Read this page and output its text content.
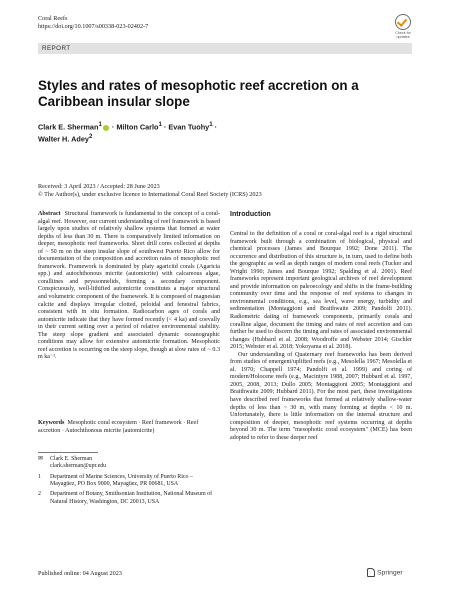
Coral Reefs
https://doi.org/10.1007/s00338-023-02402-7
Check for updates
REPORT
Styles and rates of mesophotic reef accretion on a Caribbean insular slope
Clark E. Sherman$^1$ · Milton Carlo$^1$ · Evan Tuohy$^1$ ·
Walter H. Adey$^2$
Received: 3 April 2023 / Accepted: 28 June 2023
© The Author(s), under exclusive licence to International Coral Reef Society (ICRS) 2023

Abstract Structural framework is fundamental to the concept of a coral-algal reef. However, our current understanding of reef framework is based largely upon studies of relatively shallow systems that formed at water depths of less than 30 m. There is comparatively limited information on deeper, mesophotic reef frameworks. Short drill cores collected at depths of ~ 50 m on the steep insular slope of southwest Puerto Rico allow for documentation of the composition and accretion rates of mesophotic reef framework. Framework is dominated by platy agariciid corals (Agaricia spp.) and autochthonous micrite (automicrite) with calcareous algae, coralliines and peyssonnelids, forming a secondary component. Conspicuously, well-lithified automicrite constitutes a major structural and volumetric component of the framework. It is composed of magnesian calcite and displays irregular clotted, peloidal and fenestral fabrics, consistent with in situ formation. Radiocarbon ages of corals and automicrite indicate that they have formed recently (< 4 ka) and coevally in their current setting over a period of relative environmental stability. The steep slope gradient and associated dynamic oceanographic conditions may allow for extensive automicrite formation. Mesophotic reef accretion is occurring on the steep slope, though at slow rates of ~ 0.3 m ka⁻¹.

Keywords Mesophotic coral ecosystem · Reef framework · Reef accretion · Autochthonous micrite (automicrite)

✉	Clark E. Sherman
clark.sherman@upr.edu
1	Department of Marine Sciences, University of Puerto Rico – Mayagüez, PO Box 9000, Mayagüez, PR 00681, USA
2	Department of Botany, Smithsonian Institution, National Museum of Natural History, Washington, DC 20013, USA
Published online: 04 August 2023
Introduction

Central to the definition of a coral or coral-algal reef is a rigid structural framework built through a combination of biological, physical and chemical processes (James and Bourque 1992; Done 2011). The occurrence and distribution of this structure is, in turn, used to define both the geographic as well as depth ranges of modern coral reefs (Tucker and Wright 1990; James and Bourque 1992; Spalding et al. 2001). Reef frameworks represent important geological archives of reef development and provide information on paleoecology and shifts in the frame-building community over time and the response of reef systems to changes in environmental conditions, e.g., sea level, wave energy, turbidity and sedimentation (Montaggioni and Braithwaite 2009; Pandolfi 2011). Radiometric dating of framework components, primarily corals and coralline algae, document the timing and rates of reef accretion and can further be used to discern the timing and rates of associated environmental changes (Hubbard et al. 2008; Woodroffe and Webster 2014; Gischler 2015; Webster et al. 2018; Yokoyama et al. 2018).

Our understanding of Quaternary reef frameworks has been derived from studies of emergent/uplifted reefs (e.g., Mesolella 1967; Mesolella et al. 1970; Chappell 1974; Pandolfi et al. 1999) and coring of modern/Holocene reefs (e.g., Macintyre 1988, 2007; Hubbard et al. 1997, 2005, 2008, 2013; Dullo 2005; Montaggioni 2005; Montaggioni and Braithwaite 2009; Hubbard 2011). For the most part, these investigations have described reef frameworks that formed at relatively shallow-water depths of less than ~ 30 m, with many forming at depths < 10 m. Unfortunately, there is little information on the internal structure and composition of deeper, mesophotic reef systems occurring at depths beyond 30 m. The term "mesophotic coral ecosystem" (MCE) has been adopted to refer to these deeper reef

Springer
